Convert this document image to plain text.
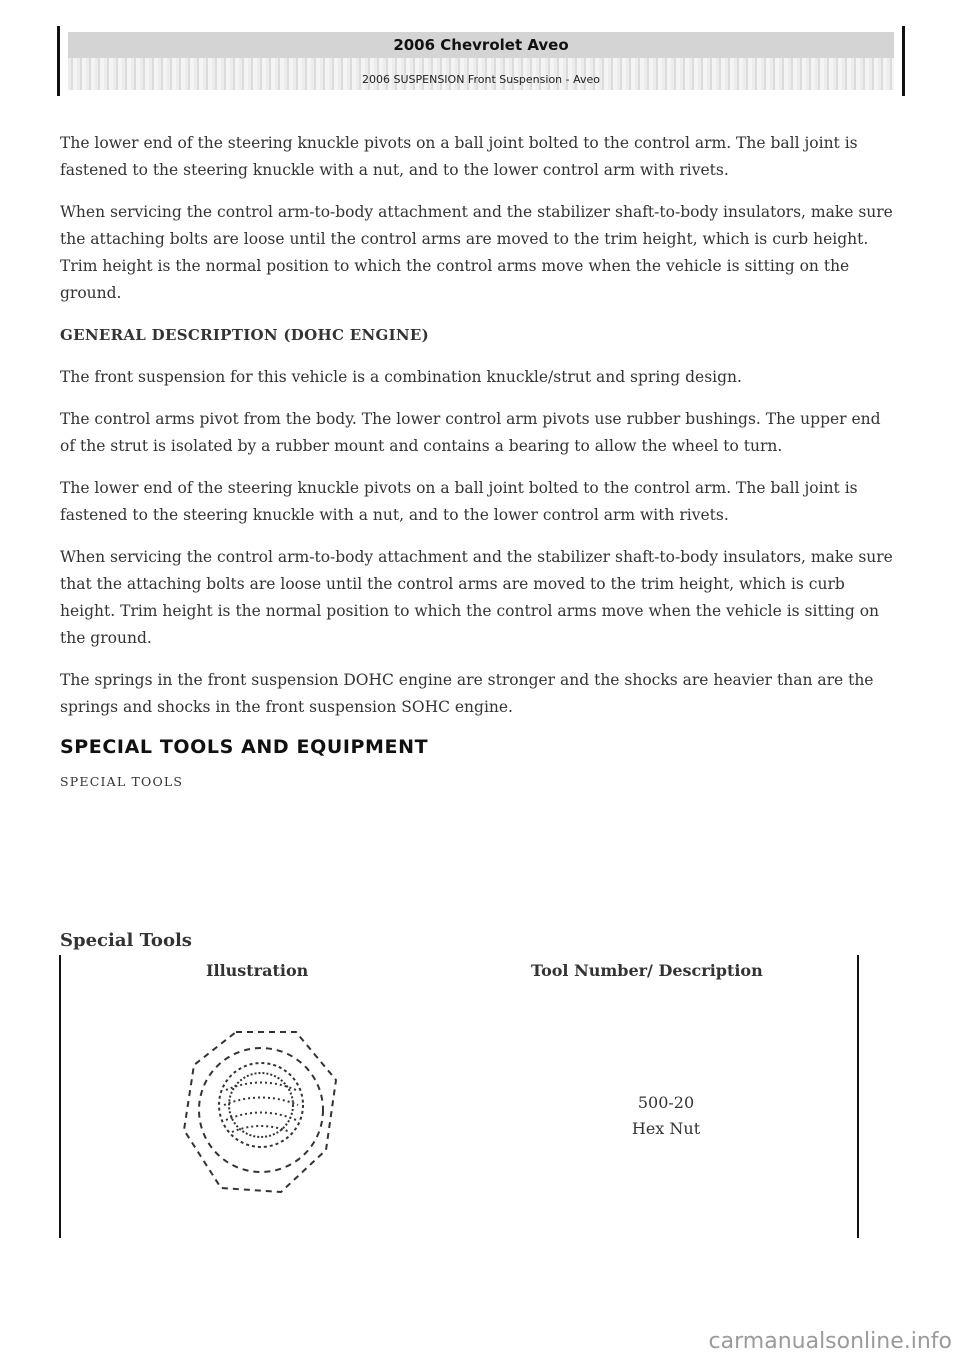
2006 Chevrolet Aveo
2006 SUSPENSION Front Suspension - Aveo

The lower end of the steering knuckle pivots on a ball joint bolted to the control arm. The ball joint is fastened to the steering knuckle with a nut, and to the lower control arm with rivets.

When servicing the control arm-to-body attachment and the stabilizer shaft-to-body insulators, make sure the attaching bolts are loose until the control arms are moved to the trim height, which is curb height. Trim height is the normal position to which the control arms move when the vehicle is sitting on the ground.

GENERAL DESCRIPTION (DOHC ENGINE)

The front suspension for this vehicle is a combination knuckle/strut and spring design.

The control arms pivot from the body. The lower control arm pivots use rubber bushings. The upper end of the strut is isolated by a rubber mount and contains a bearing to allow the wheel to turn.

The lower end of the steering knuckle pivots on a ball joint bolted to the control arm. The ball joint is fastened to the steering knuckle with a nut, and to the lower control arm with rivets.

When servicing the control arm-to-body attachment and the stabilizer shaft-to-body insulators, make sure that the attaching bolts are loose until the control arms are moved to the trim height, which is curb height. Trim height is the normal position to which the control arms move when the vehicle is sitting on the ground.

The springs in the front suspension DOHC engine are stronger and the shocks are heavier than are the springs and shocks in the front suspension SOHC engine.

SPECIAL TOOLS AND EQUIPMENT
SPECIAL TOOLS
Special Tools
Illustration	Tool Number/ Description
500-20
Hex Nut
carmanualsonline.info
